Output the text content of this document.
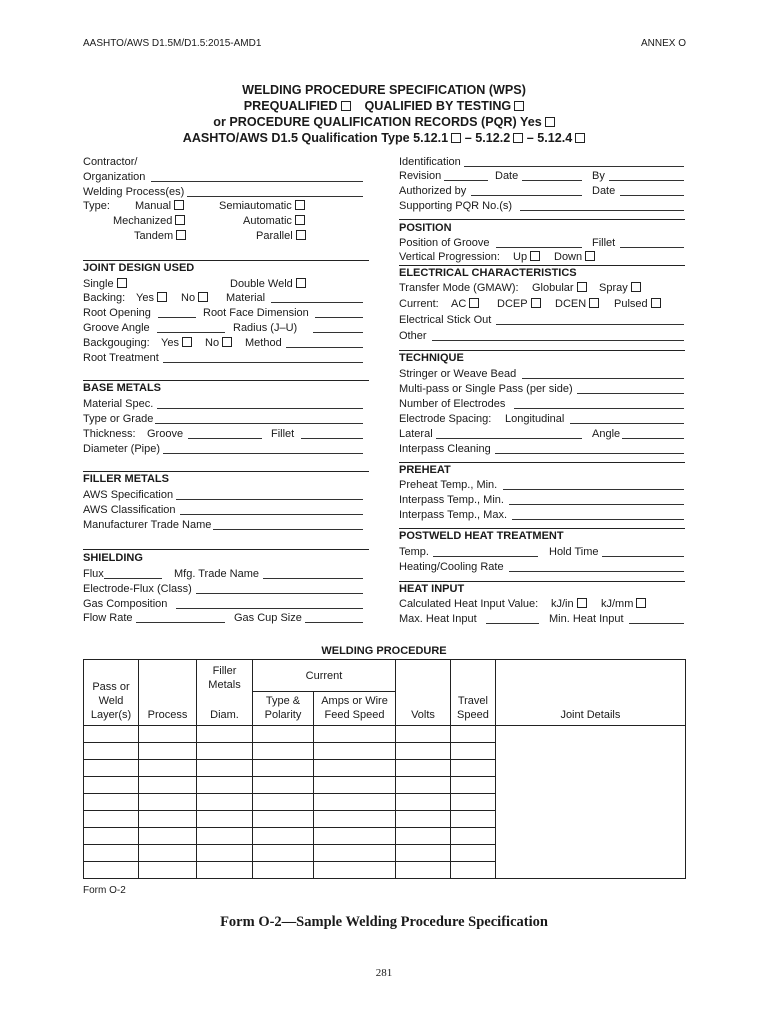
AASHTO/AWS D1.5M/D1.5:2015-AMD1	ANNEX O
WELDING PROCEDURE SPECIFICATION (WPS)
PREQUALIFIED QUALIFIED BY TESTING
or PROCEDURE QUALIFICATION RECORDS (PQR) Yes
AASHTO/AWS D1.5 Qualification Type 5.12.1 – 5.12.2 – 5.12.4
Contractor/
Organization
Welding Process(es)
Type: Manual	Semiautomatic
Mechanized	Automatic
Tandem	Parallel
JOINT DESIGN USED
Single	Double Weld
Backing: Yes	No	Material
Root Opening	Root Face Dimension
Groove Angle	Radius (J–U)
Backgouging: Yes	No	Method
Root Treatment
BASE METALS
Material Spec.
Type or Grade
Thickness: Groove	Fillet
Diameter (Pipe)
FILLER METALS
AWS Specification
AWS Classification
Manufacturer Trade Name
SHIELDING
Flux	Mfg. Trade Name
Electrode-Flux (Class)
Gas Composition
Flow Rate	Gas Cup Size
Identification
Revision	Date	By
Authorized by	Date
Supporting PQR No.(s)
POSITION
Position of Groove	Fillet
Vertical Progression: Up	Down
ELECTRICAL CHARACTERISTICS
Transfer Mode (GMAW): Globular	Spray
Current: AC	DCEP	DCEN	Pulsed
Electrical Stick Out
Other
TECHNIQUE
Stringer or Weave Bead
Multi-pass or Single Pass (per side)
Number of Electrodes
Electrode Spacing: Longitudinal
Lateral	Angle
Interpass Cleaning
PREHEAT
Preheat Temp., Min.
Interpass Temp., Min.
Interpass Temp., Max.
POSTWELD HEAT TREATMENT
Temp.	Hold Time
Heating/Cooling Rate
HEAT INPUT
Calculated Heat Input Value: kJ/in	kJ/mm
Max. Heat Input	Min. Heat Input
WELDING PROCEDURE
Pass or Weld Layer(s)	Process	Filler Metals	Current		Volts	Travel Speed	Joint Details
		Diam.	Type & Polarity	Amps or Wire Feed Speed			

Form O-2
Form O-2—Sample Welding Procedure Specification
281
